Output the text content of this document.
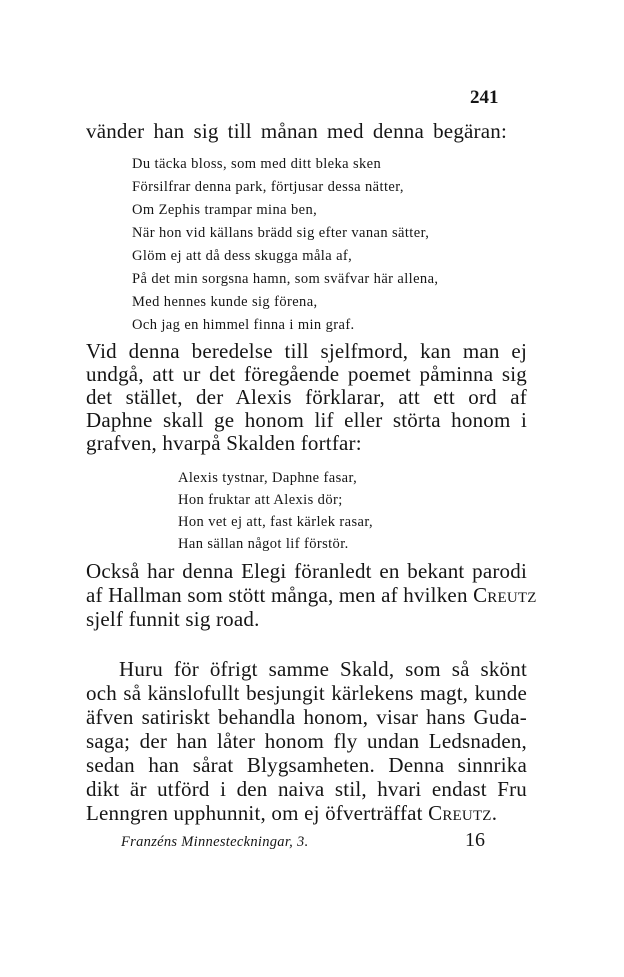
241
vänder han sig till månan med denna begäran:
Du täcka bloss, som med ditt bleka sken
Försilfrar denna park, förtjusar dessa nätter,
Om Zephis trampar mina ben,
När hon vid källans brädd sig efter vanan sätter,
Glöm ej att då dess skugga måla af,
På det min sorgsna hamn, som sväfvar här allena,
Med hennes kunde sig förena,
Och jag en himmel finna i min graf.
Vid denna beredelse till sjelfmord, kan man ej
undgå, att ur det föregående poemet påminna sig
det stället, der Alexis förklarar, att ett ord af
Daphne skall ge honom lif eller störta honom i
grafven, hvarpå Skalden fortfar:
Alexis tystnar, Daphne fasar,
Hon fruktar att Alexis dör;
Hon vet ej att, fast kärlek rasar,
Han sällan något lif förstör.
Också har denna Elegi föranledt en bekant parodi
af Hallman som stött många, men af hvilken Creutz
sjelf funnit sig road.
Huru för öfrigt samme Skald, som så skönt
och så känslofullt besjungit kärlekens magt, kunde
äfven satiriskt behandla honom, visar hans Guda-
saga; der han låter honom fly undan Ledsnaden,
sedan han sårat Blygsamheten. Denna sinnrika
dikt är utförd i den naiva stil, hvari endast Fru
Lenngren upphunnit, om ej öfverträffat Creutz.
Franzéns Minnesteckningar, 3.	16
